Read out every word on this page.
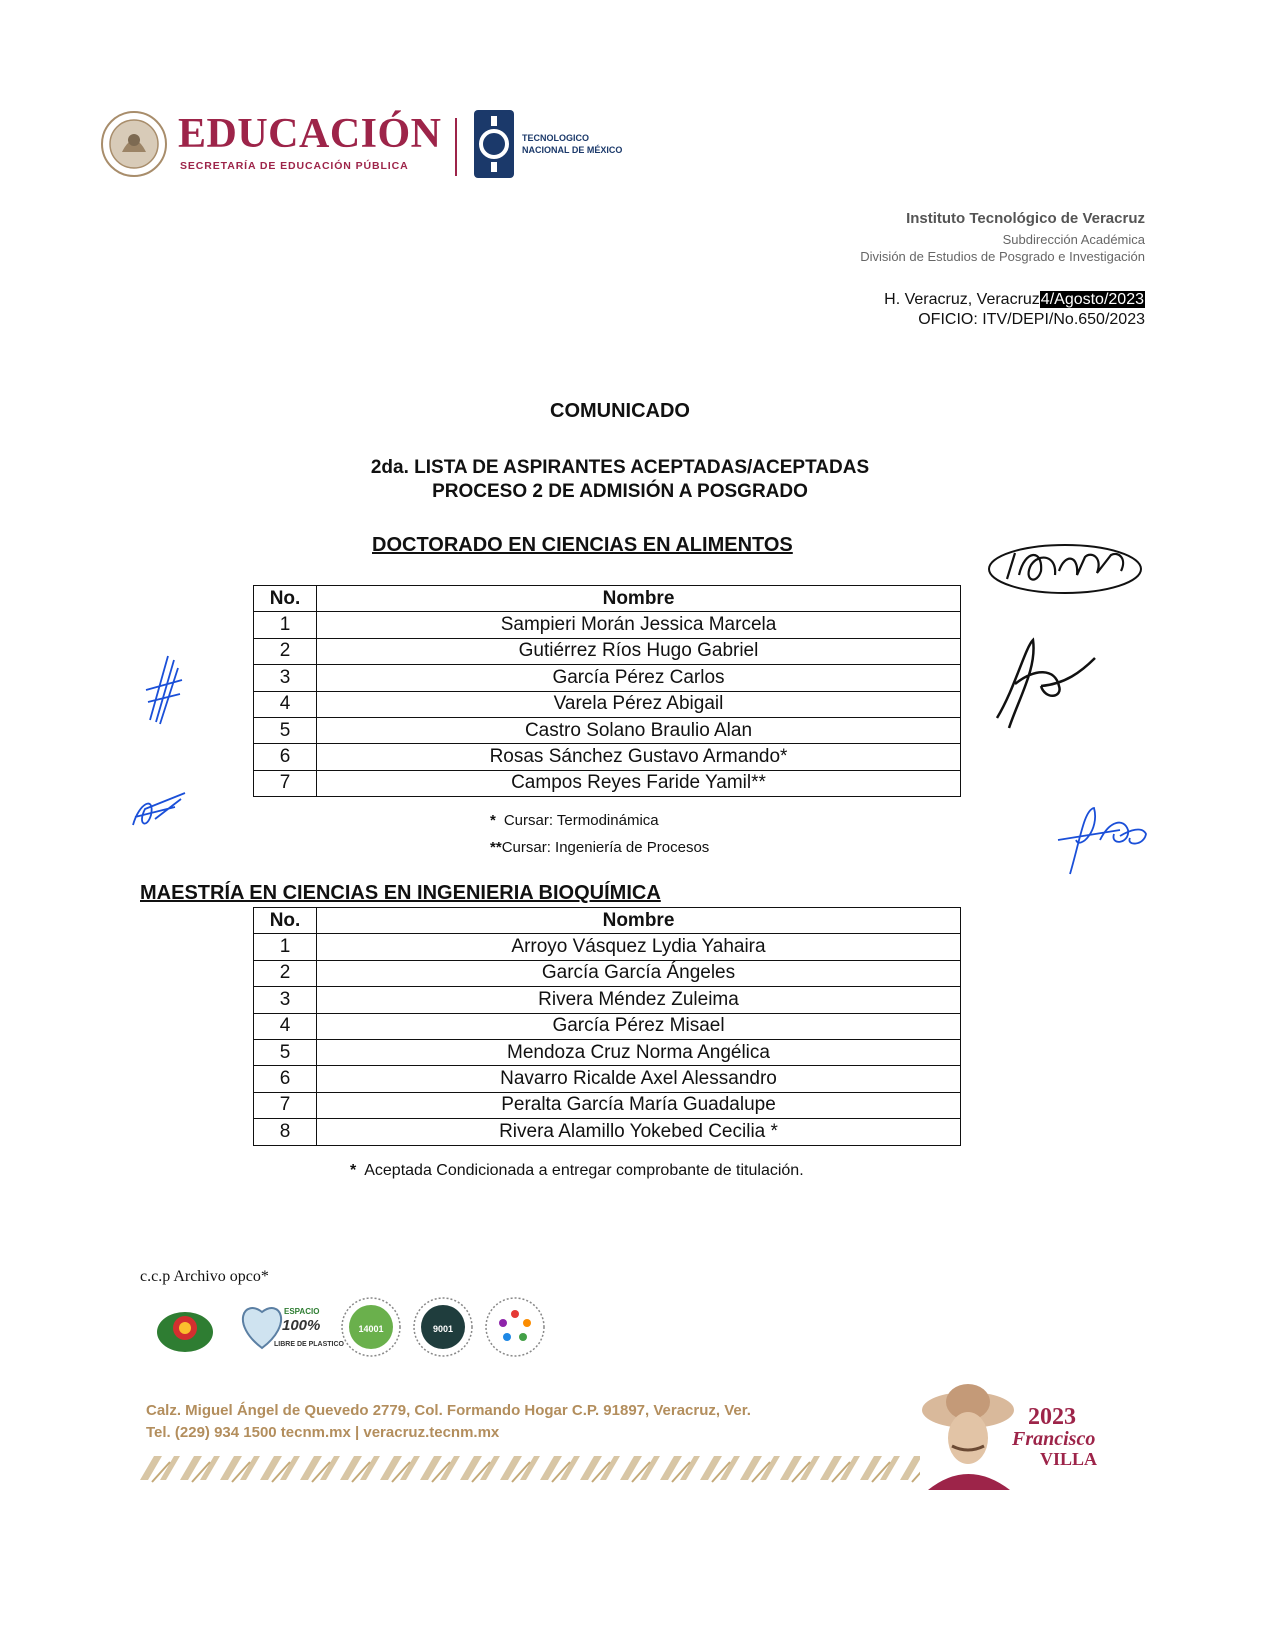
EDUCACIÓN
SECRETARÍA DE EDUCACIÓN PÚBLICA
TECNOLOGICO
NACIONAL DE MÉXICO
Instituto Tecnológico de Veracruz
Subdirección Académica
División de Estudios de Posgrado e Investigación
H. Veracruz, Veracruz4/Agosto/2023
OFICIO: ITV/DEPI/No.650/2023
COMUNICADO
2da. LISTA DE ASPIRANTES ACEPTADAS/ACEPTADAS
PROCESO 2 DE ADMISIÓN A POSGRADO
DOCTORADO EN CIENCIAS EN ALIMENTOS
No.	Nombre
1	Sampieri Morán Jessica Marcela
2	Gutiérrez Ríos Hugo Gabriel
3	García Pérez Carlos
4	Varela Pérez Abigail
5	Castro Solano Braulio Alan
6	Rosas Sánchez Gustavo Armando*
7	Campos Reyes Faride Yamil**
* Cursar: Termodinámica
**Cursar: Ingeniería de Procesos
MAESTRÍA EN CIENCIAS EN INGENIERIA BIOQUÍMICA
No.	Nombre
1	Arroyo Vásquez Lydia Yahaira
2	García García Ángeles
3	Rivera Méndez Zuleima
4	García Pérez Misael
5	Mendoza Cruz Norma Angélica
6	Navarro Ricalde Axel Alessandro
7	Peralta García María Guadalupe
8	Rivera Alamillo Yokebed Cecilia *
* Aceptada Condicionada a entregar comprobante de titulación.
c.c.p Archivo opco*
ESPACIO
100%
LIBRE DE PLASTICO
14001	9001
Calz. Miguel Ángel de Quevedo 2779, Col. Formando Hogar C.P. 91897, Veracruz, Ver.
Tel. (229) 934 1500 tecnm.mx | veracruz.tecnm.mx
2023
Francisco
VILLA
